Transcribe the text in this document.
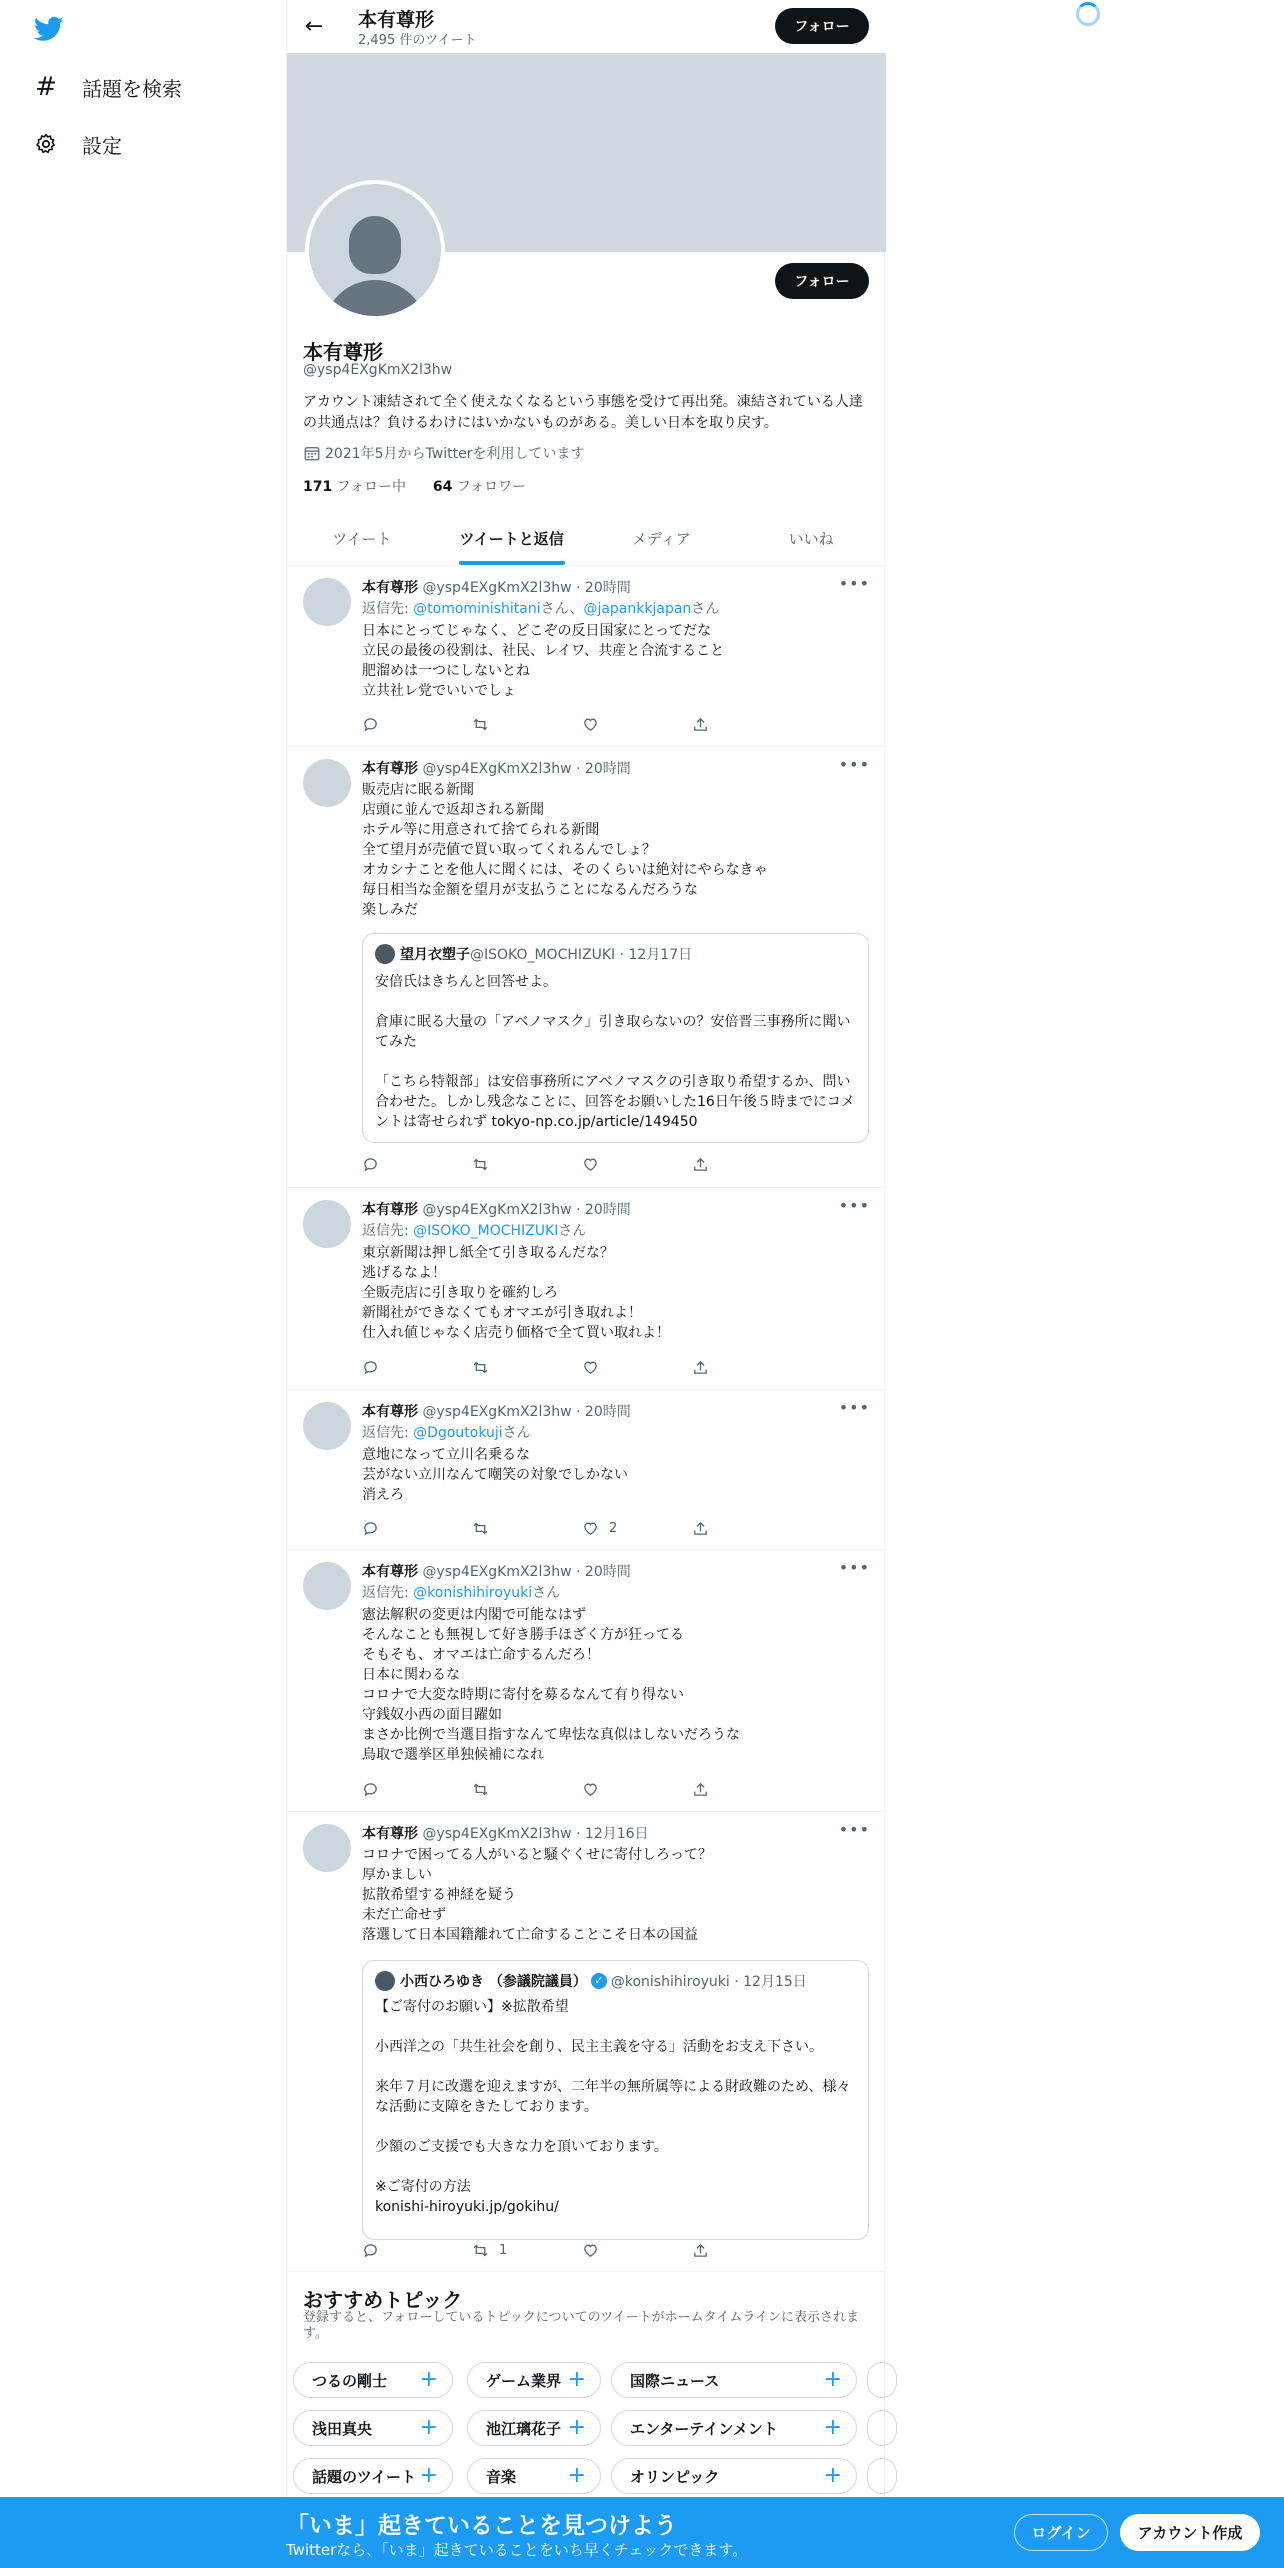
# 話題を検索
設定
← 本有尊形
2,495 件のツイート
フォロー
フォロー
本有尊形
@ysp4EXgKmX2l3hw
アカウント凍結されて全く使えなくなるという事態を受けて再出発。凍結されている人達の共通点は？負けるわけにはいかないものがある。美しい日本を取り戻す。
2021年5月からTwitterを利用しています
171 フォロー中 64 フォロワー
ツイート	ツイートと返信	メディア	いいね
本有尊形 @ysp4EXgKmX2l3hw · 20時間	•••
返信先: @tomominishitaniさん、@japankkjapanさん
日本にとってじゃなく、どこぞの反日国家にとってだな
立民の最後の役割は、社民、レイワ、共産と合流すること
肥溜めは一つにしないとね
立共社レ党でいいでしょ
本有尊形 @ysp4EXgKmX2l3hw · 20時間	•••
販売店に眠る新聞
店頭に並んで返却される新聞
ホテル等に用意されて捨てられる新聞
全て望月が売値で買い取ってくれるんでしょ？
オカシナことを他人に聞くには、そのくらいは絶対にやらなきゃ
毎日相当な金額を望月が支払うことになるんだろうな
楽しみだ
望月衣塑子 @ISOKO_MOCHIZUKI · 12月17日
安倍氏はきちんと回答せよ。

倉庫に眠る大量の「アベノマスク」引き取らないの？安倍晋三事務所に聞いてみた

「こちら特報部」は安倍事務所にアベノマスクの引き取り希望するか、問い合わせた。しかし残念なことに、回答をお願いした16日午後５時までにコメントは寄せられず tokyo-np.co.jp/article/149450
本有尊形 @ysp4EXgKmX2l3hw · 20時間	•••
返信先: @ISOKO_MOCHIZUKIさん
東京新聞は押し紙全て引き取るんだな？
逃げるなよ！
全販売店に引き取りを確約しろ
新聞社ができなくてもオマエが引き取れよ！
仕入れ値じゃなく店売り価格で全て買い取れよ！
本有尊形 @ysp4EXgKmX2l3hw · 20時間	•••
返信先: @Dgoutokujiさん
意地になって立川名乗るな
芸がない立川なんて嘲笑の対象でしかない
消えろ
2
本有尊形 @ysp4EXgKmX2l3hw · 20時間	•••
返信先: @konishihiroyukiさん
憲法解釈の変更は内閣で可能なはず
そんなことも無視して好き勝手ほざく方が狂ってる
そもそも、オマエは亡命するんだろ！
日本に関わるな
コロナで大変な時期に寄付を募るなんて有り得ない
守銭奴小西の面目躍如
まさか比例で当選目指すなんて卑怯な真似はしないだろうな
鳥取で選挙区単独候補になれ
本有尊形 @ysp4EXgKmX2l3hw · 12月16日	•••
コロナで困ってる人がいると騒ぐくせに寄付しろって？
厚かましい
拡散希望する神経を疑う
未だ亡命せず
落選して日本国籍離れて亡命することこそ日本の国益
小西ひろゆき （参議院議員） ✓ @konishihiroyuki · 12月15日
【ご寄付のお願い】※拡散希望

小西洋之の「共生社会を創り、民主主義を守る」活動をお支え下さい。

来年７月に改選を迎えますが、二年半の無所属等による財政難のため、様々な活動に支障をきたしております。

少額のご支援でも大きな力を頂いております。

※ご寄付の方法
konishi-hiroyuki.jp/gokihu/
1
おすすめトピック
登録すると、フォローしているトピックについてのツイートがホームタイムラインに表示されます。
つるの剛士 +	ゲーム業界 +	国際ニュース	+
浅田真央 +	池江璃花子 +	エンターテインメント +
話題のツイート +	音楽 +	オリンピック	+
「いま」起きていることを見つけよう
Twitterなら、「いま」起きていることをいち早くチェックできます。
ログイン	アカウント作成
